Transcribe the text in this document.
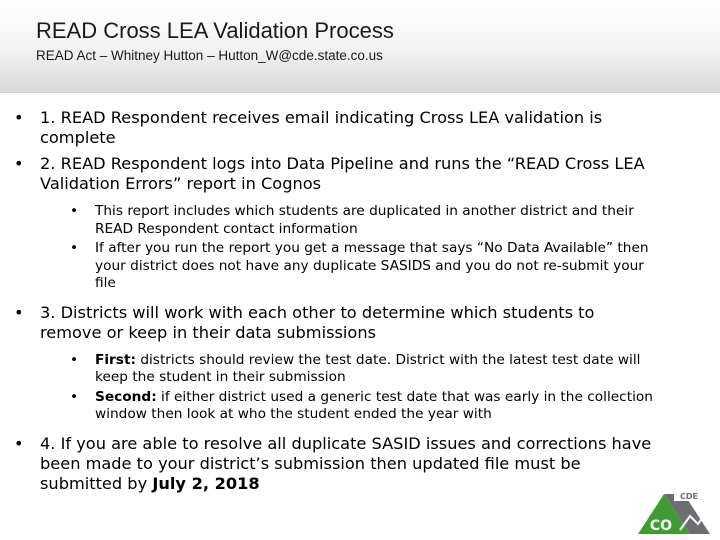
READ Cross LEA Validation Process
READ Act – Whitney Hutton – Hutton_W@cde.state.co.us
• 1. READ Respondent receives email indicating Cross LEA validation is complete
• 2. READ Respondent logs into Data Pipeline and runs the “READ Cross LEA Validation Errors” report in Cognos
• This report includes which students are duplicated in another district and their READ Respondent contact information
• If after you run the report you get a message that says “No Data Available” then your district does not have any duplicate SASIDS and you do not re-submit your file
• 3. Districts will work with each other to determine which students to remove or keep in their data submissions
• First: districts should review the test date. District with the latest test date will keep the student in their submission
• Second: if either district used a generic test date that was early in the collection window then look at who the student ended the year with
• 4. If you are able to resolve all duplicate SASID issues and corrections have been made to your district’s submission then updated file must be submitted by July 2, 2018
CDE
CO
